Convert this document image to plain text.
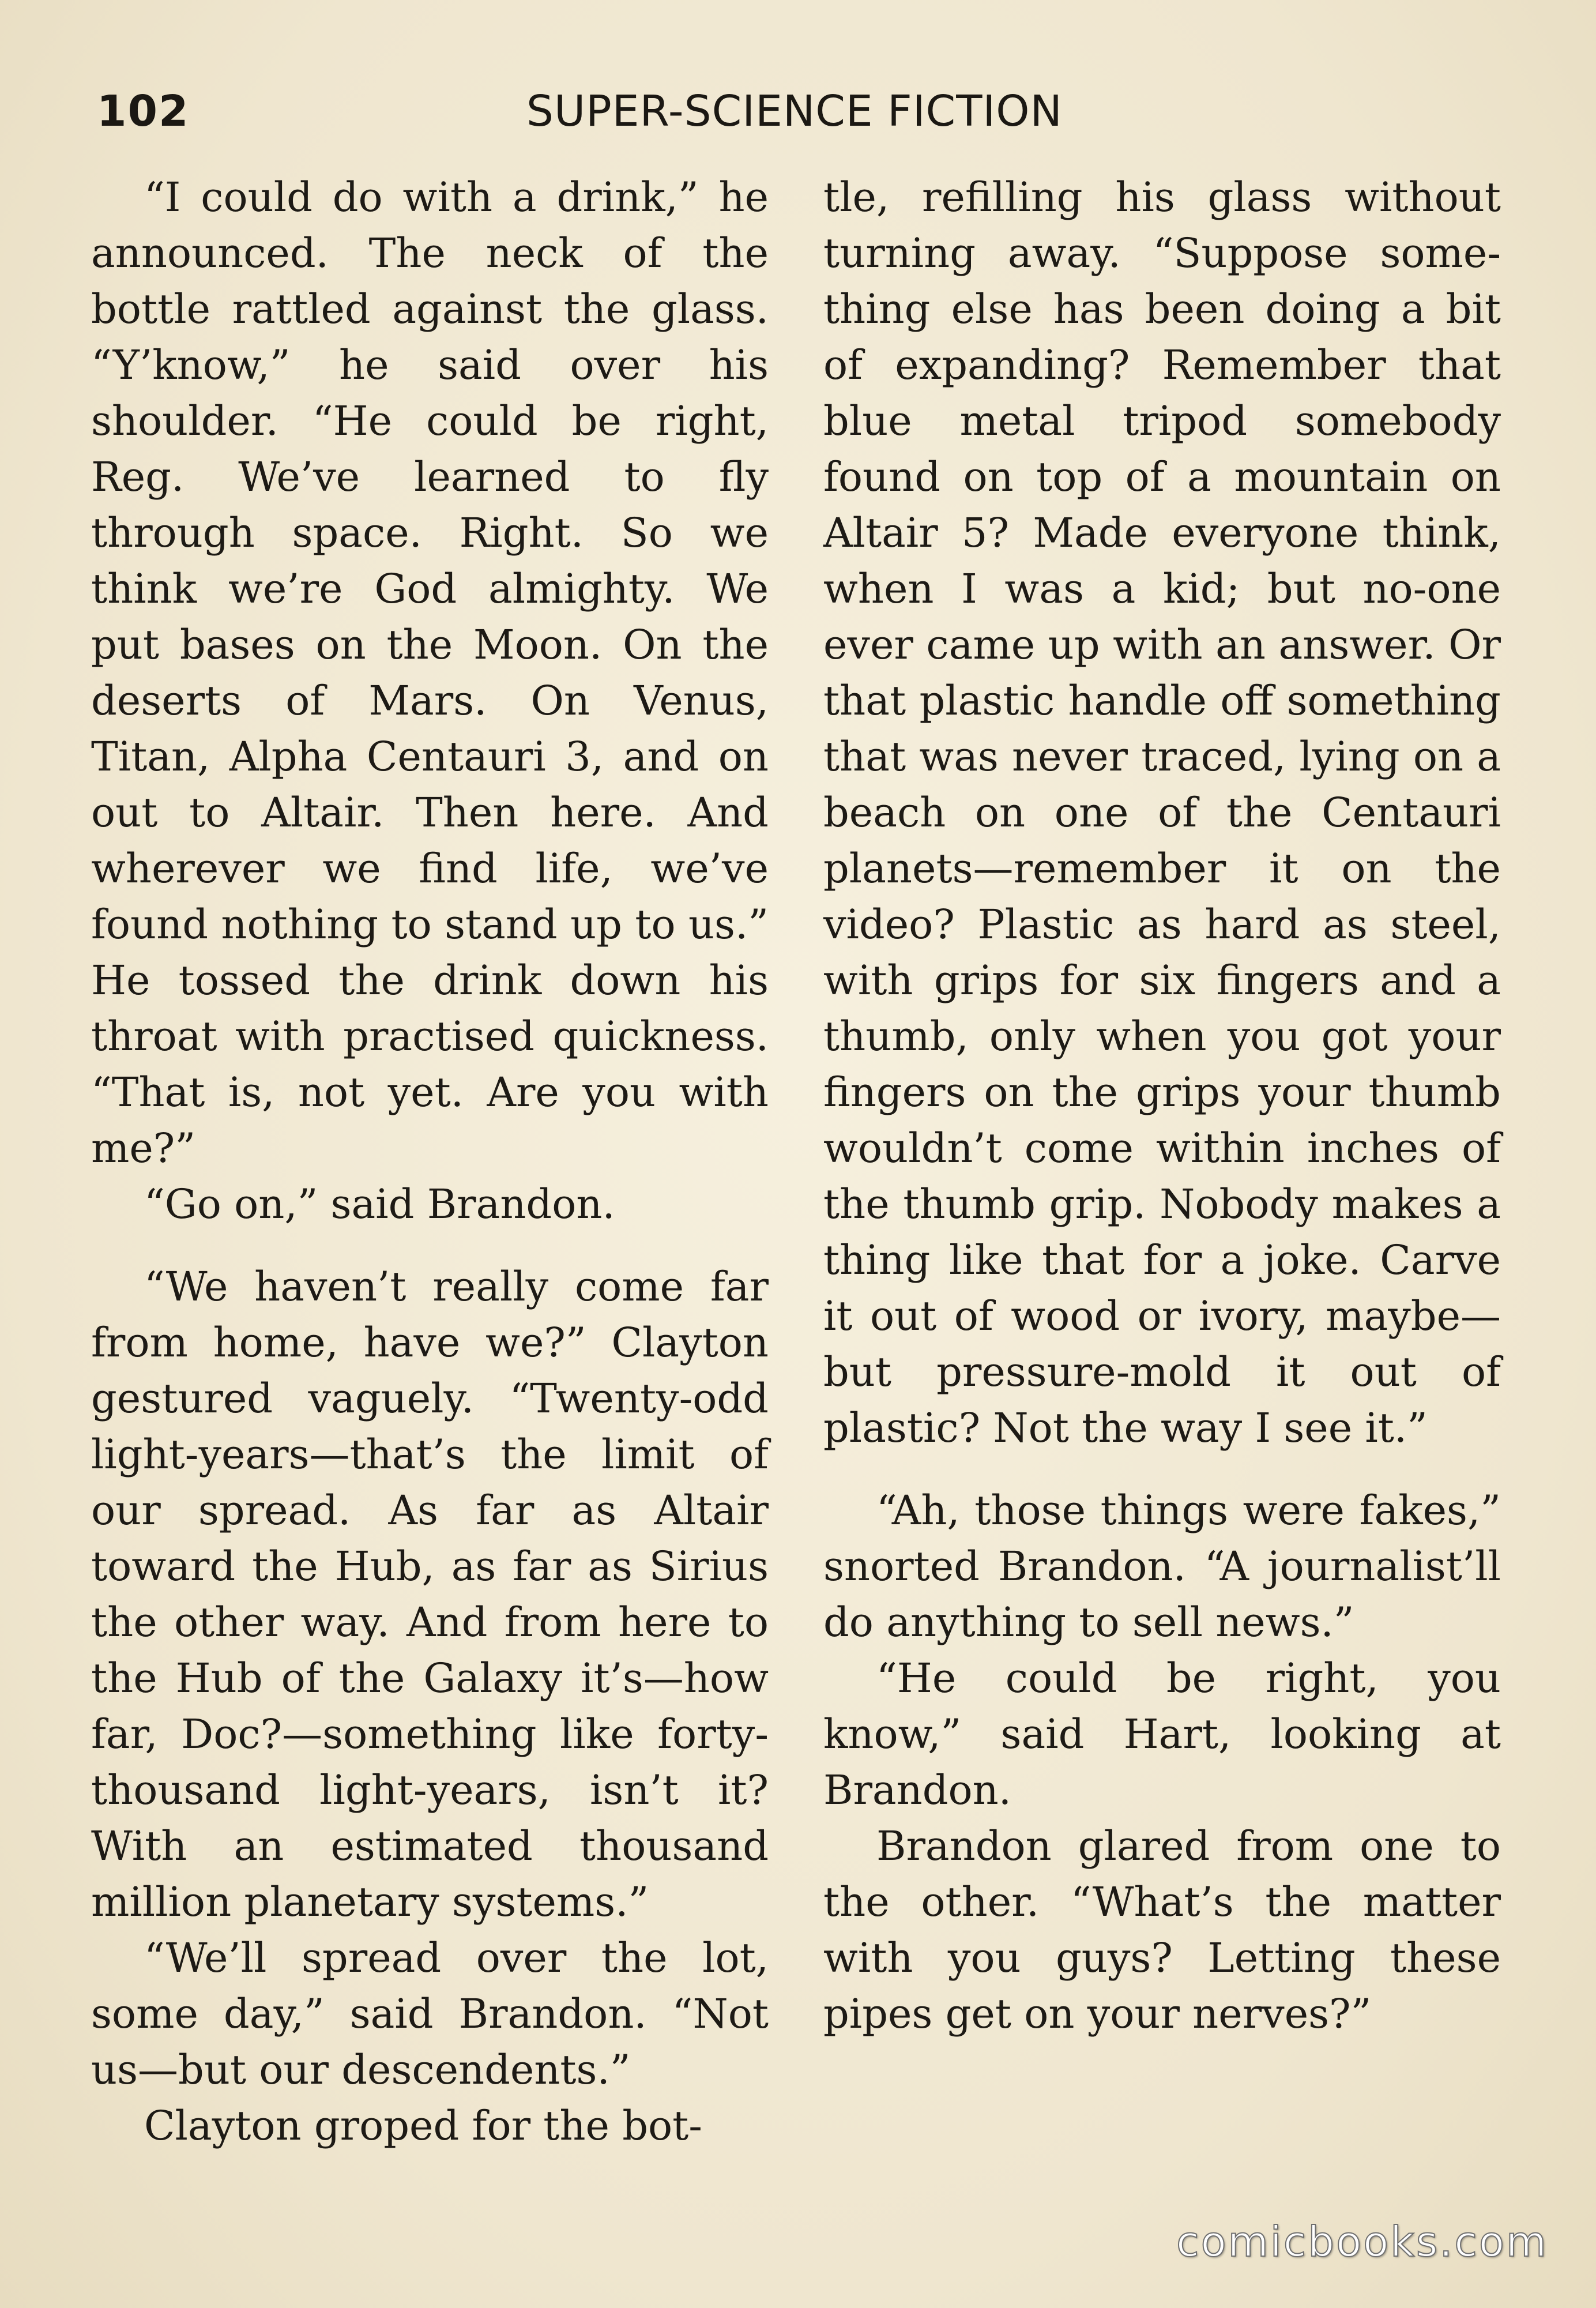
102	SUPER-SCIENCE FICTION

“I could do with a drink,” he announced. The neck of the bottle rattled against the glass. “Y’know,” he said over his shoulder. “He could be right, Reg. We’ve learned to fly through space. Right. So we think we’re God almighty. We put bases on the Moon. On the deserts of Mars. On Venus, Titan, Alpha Centauri 3, and on out to Altair. Then here. And wherever we find life, we’ve found nothing to stand up to us.” He tossed the drink down his throat with practised quickness. “That is, not yet. Are you with me?”

“Go on,” said Brandon.

“We haven’t really come far from home, have we?” Clayton gestured vaguely. “Twenty-odd light-years—that’s the limit of our spread. As far as Altair toward the Hub, as far as Sirius the other way. And from here to the Hub of the Galaxy it’s—how far, Doc?—something like forty-thousand light-years, isn’t it? With an estimated thousand million planetary systems.”

“We’ll spread over the lot, some day,” said Brandon. “Not us—but our descendents.”

Clayton groped for the bot-

tle, refilling his glass without turning away. “Suppose something else has been doing a bit of expanding? Remember that blue metal tripod somebody found on top of a mountain on Altair 5? Made everyone think, when I was a kid; but no-one ever came up with an answer. Or that plastic handle off something that was never traced, lying on a beach on one of the Centauri planets—remember it on the video? Plastic as hard as steel, with grips for six fingers and a thumb, only when you got your fingers on the grips your thumb wouldn’t come within inches of the thumb grip. Nobody makes a thing like that for a joke. Carve it out of wood or ivory, maybe—but pressure-mold it out of plastic? Not the way I see it.”

“Ah, those things were fakes,” snorted Brandon. “A journalist’ll do anything to sell news.”

“He could be right, you know,” said Hart, looking at Brandon.

Brandon glared from one to the other. “What’s the matter with you guys? Letting these pipes get on your nerves?”

comicbooks.com
